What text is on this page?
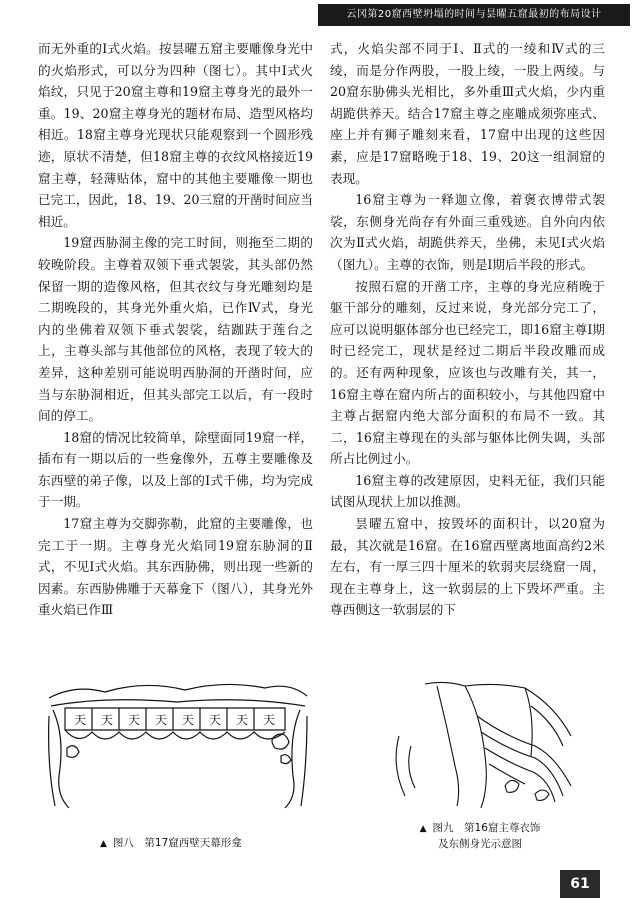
云冈第20窟西壁坍塌的时间与昙曜五窟最初的布局设计

而无外重的Ⅰ式火焰。按昙曜五窟主要雕像身光中的火焰形式，可以分为四种（图七）。其中Ⅰ式火焰纹，只见于20窟主尊和19窟主尊身光的最外一重。19、20窟主尊身光的题材布局、造型风格均相近。18窟主尊身光现状只能观察到一个圆形残迹，原状不清楚，但18窟主尊的衣纹风格接近19窟主尊，轻薄贴体，窟中的其他主要雕像一期也已完工，因此，18、19、20三窟的开凿时间应当相近。

19窟西胁洞主像的完工时间，则拖至二期的较晚阶段。主尊着双领下垂式袈裟，其头部仍然保留一期的造像风格，但其衣纹与身光雕刻均是二期晚段的，其身光外重火焰，已作Ⅳ式，身光内的坐佛着双领下垂式袈裟，结跏趺于莲台之上，主尊头部与其他部位的风格，表现了较大的差异，这种差别可能说明西胁洞的开凿时间，应当与东胁洞相近，但其头部完工以后，有一段时间的停工。

18窟的情况比较简单，除壁面同19窟一样，插布有一期以后的一些龛像外，五尊主要雕像及东西壁的弟子像，以及上部的Ⅰ式千佛，均为完成于一期。

17窟主尊为交脚弥勒，此窟的主要雕像，也完工于一期。主尊身光火焰同19窟东胁洞的Ⅱ式，不见Ⅰ式火焰。其东西胁佛，则出现一些新的因素。东西胁佛雕于天幕龛下（图八），其身光外重火焰已作Ⅲ

式，火焰尖部不同于Ⅰ、Ⅱ式的一绫和Ⅳ式的三绫，而是分作两股，一股上绫，一股上两绫。与20窟东胁佛头光相比，多外重Ⅲ式火焰，少内重胡跪供养天。结合17窟主尊之座雕成须弥座式、座上并有狮子雕刻来看，17窟中出现的这些因素，应是17窟略晚于18、19、20这一组洞窟的表现。

16窟主尊为一释迦立像，着褒衣博带式袈裟，东侧身光尚存有外面三重残迹。自外向内依次为Ⅱ式火焰，胡跪供养天，坐佛，未见Ⅰ式火焰（图九）。主尊的衣饰，则是Ⅰ期后半段的形式。

按照石窟的开凿工序，主尊的身光应稍晚于躯干部分的雕刻，反过来说，身光部分完工了，应可以说明躯体部分也已经完工，即16窟主尊Ⅰ期时已经完工，现状是经过二期后半段改雕而成的。还有两种现象，应该也与改雕有关，其一，16窟主尊在窟内所占的面积较小，与其他四窟中主尊占据窟内绝大部分面积的布局不一致。其二，16窟主尊现在的头部与躯体比例失调，头部所占比例过小。

16窟主尊的改建原因，史料无征，我们只能试图从现状上加以推测。

昙曜五窟中，按毁坏的面积计，以20窟为最，其次就是16窟。在16窟西壁离地面高约2米左右，有一厚三四十厘米的软弱夹层绕窟一周，现在主尊身上，这一软弱层的上下毁坏严重。主尊西侧这一软弱层的下

天 天 天 天 天 天 天 天
▲ 图八　第17窟西壁天幕形龛
▲ 图九　第16窟主尊衣饰
及东侧身光示意图
61
